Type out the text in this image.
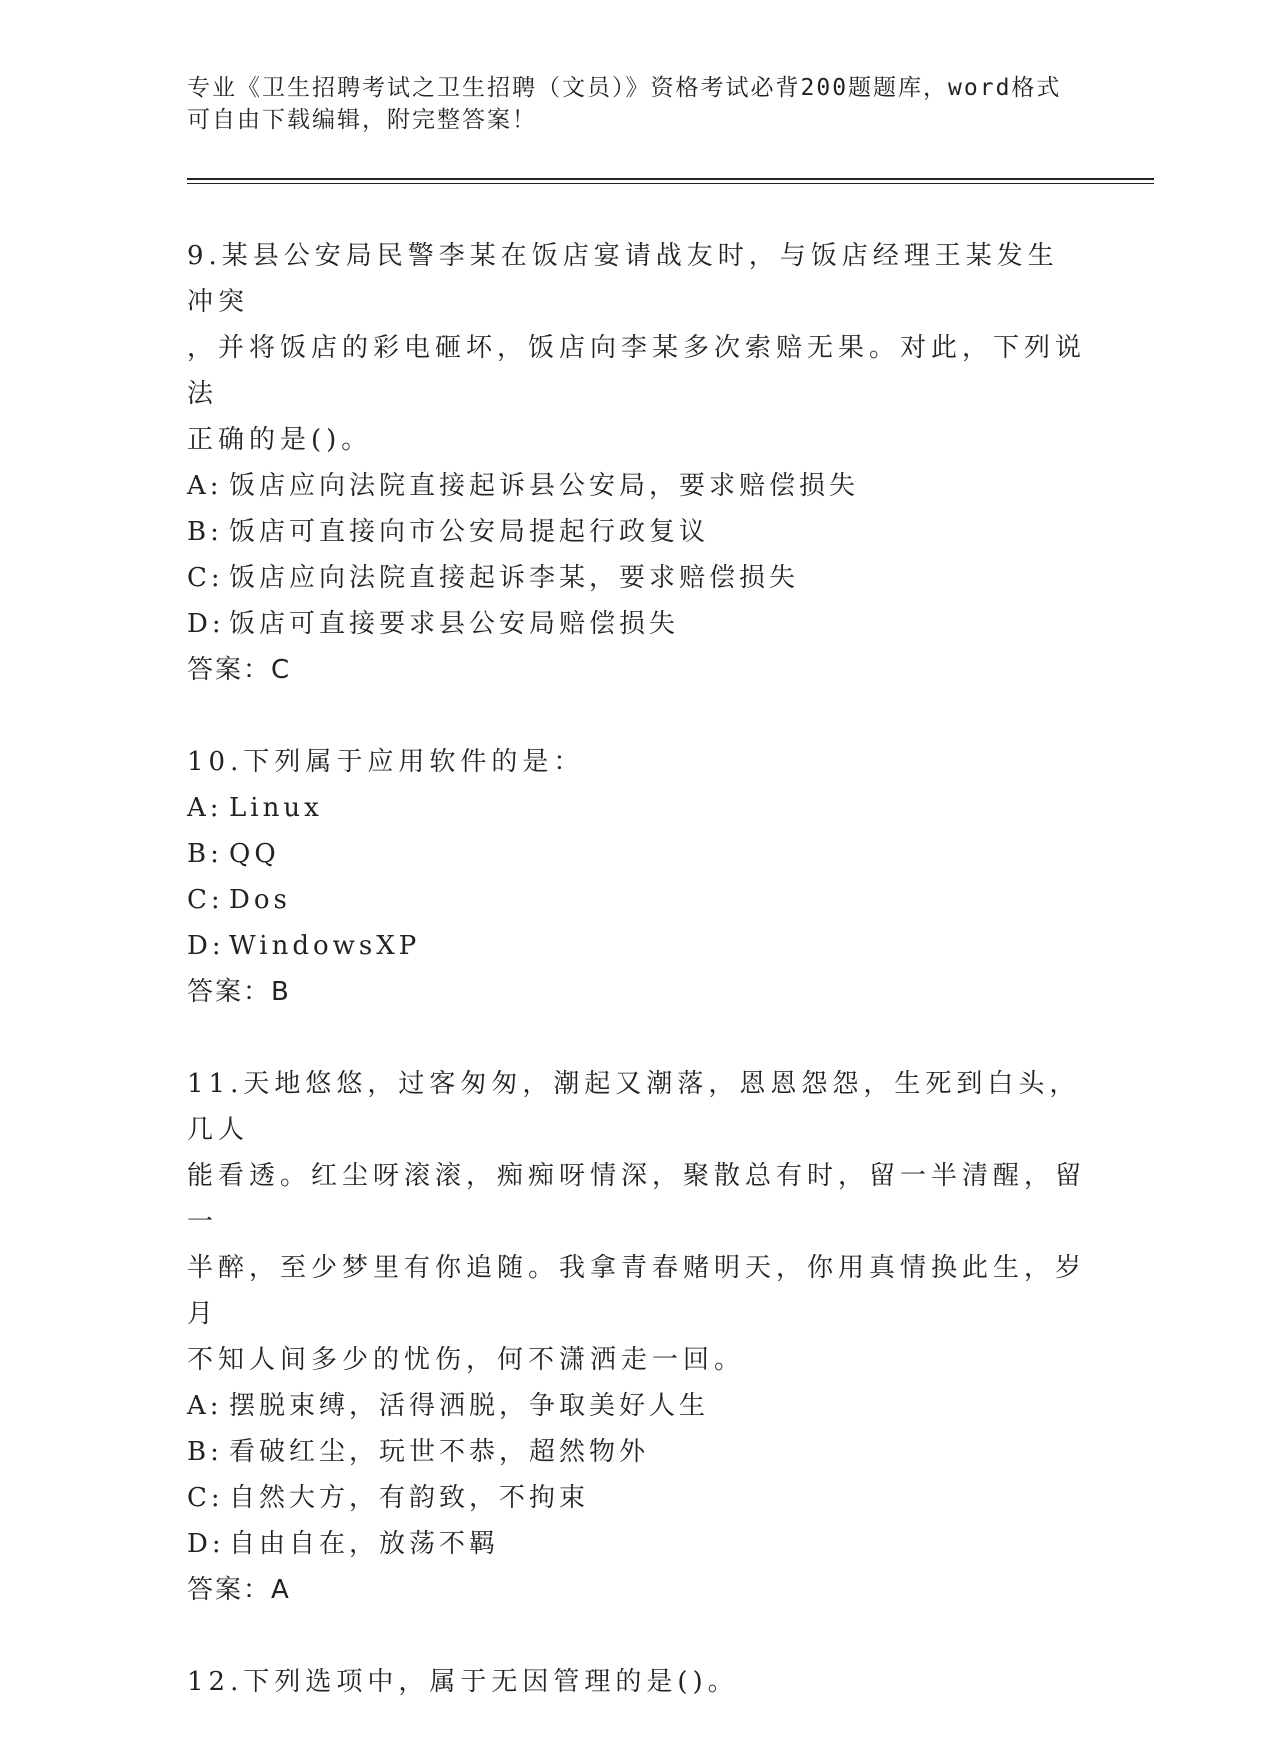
专业《卫生招聘考试之卫生招聘（文员）》资格考试必背200题题库，word格式
可自由下载编辑，附完整答案！

9.某县公安局民警李某在饭店宴请战友时，与饭店经理王某发生冲突

，并将饭店的彩电砸坏，饭店向李某多次索赔无果。对此，下列说法

正确的是()。

A: 饭店应向法院直接起诉县公安局，要求赔偿损失
B: 饭店可直接向市公安局提起行政复议
C: 饭店应向法院直接起诉李某，要求赔偿损失
D: 饭店可直接要求县公安局赔偿损失
答案：C

10.下列属于应用软件的是：

A: Linux
B: QQ
C: Dos
D: WindowsXP
答案：B

11.天地悠悠，过客匆匆，潮起又潮落，恩恩怨怨，生死到白头，几人

能看透。红尘呀滚滚，痴痴呀情深，聚散总有时，留一半清醒，留一

半醉，至少梦里有你追随。我拿青春赌明天，你用真情换此生，岁月

不知人间多少的忧伤，何不潇洒走一回。

A: 摆脱束缚，活得洒脱，争取美好人生
B: 看破红尘，玩世不恭，超然物外
C: 自然大方，有韵致，不拘束
D: 自由自在，放荡不羁
答案：A

12.下列选项中，属于无因管理的是()。
